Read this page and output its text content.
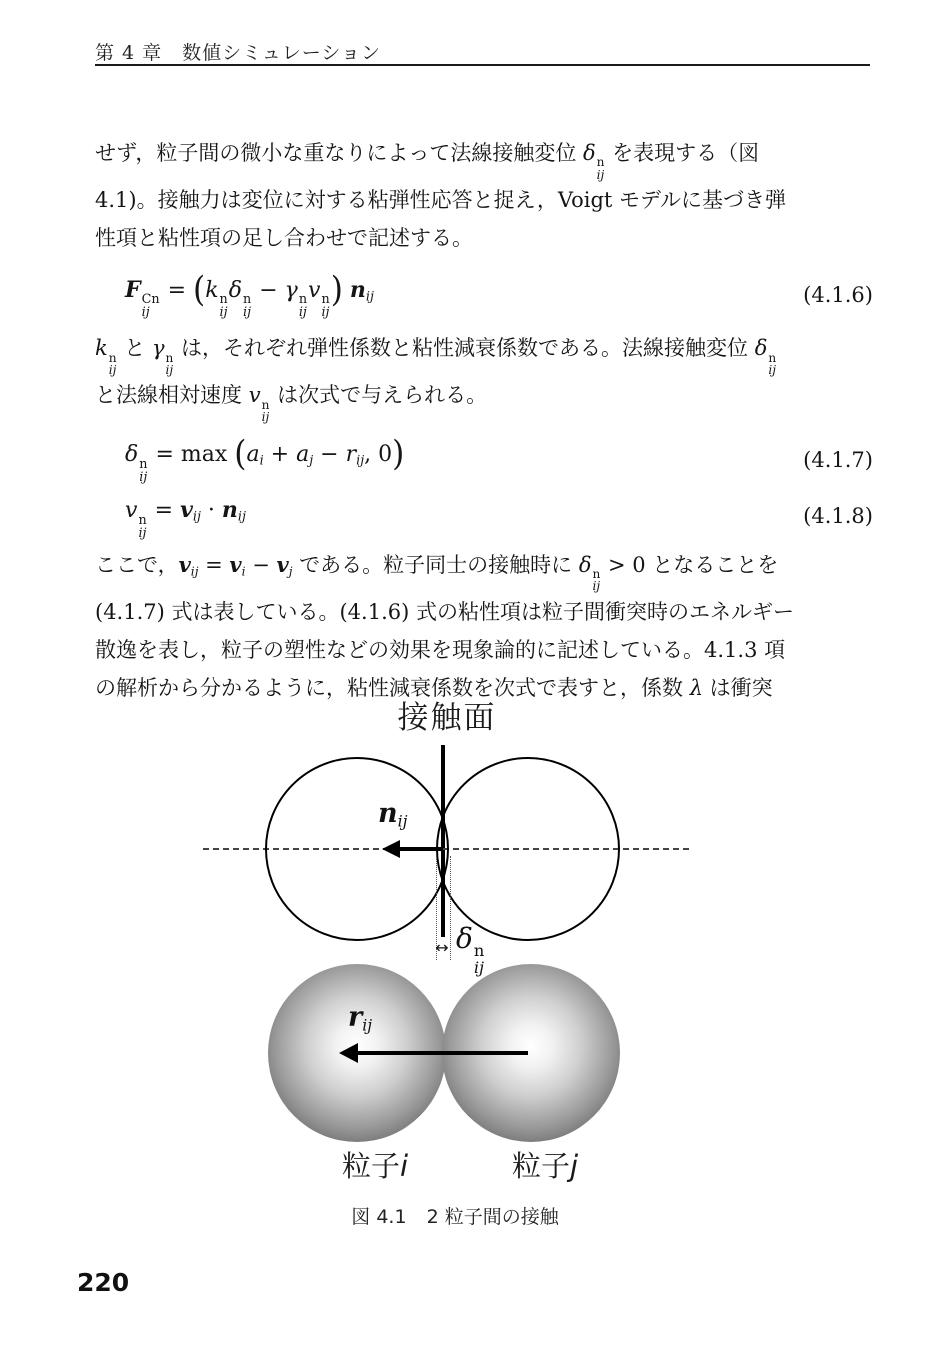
第 4 章　数値シミュレーション
せず，粒子間の微小な重なりによって法線接触変位 δ n
ij
を表現する（図
4.1)。接触力は変位に対する粘弾性応答と捉え，Voigt モデルに基づき弾
性項と粘性項の足し合わせで記述する。
F Cn
ij
= (k n
ij
δ n
ij
− γ n
ij
v n
ij
) nij	(4.1.6)
k n
ij
と γ n
ij
は，それぞれ弾性係数と粘性減衰係数である。法線接触変位 δ n
ij
と法線相対速度 v n
ij
は次式で与えられる。
δ n
ij
= max (ai + aj − rij, 0)	(4.1.7)
v n
ij
= vij · nij	(4.1.8)
ここで，vij = vi − vj である。粒子同士の接触時に δ n
ij
> 0 となることを
(4.1.7) 式は表している。(4.1.6) 式の粘性項は粒子間衝突時のエネルギー
散逸を表し，粒子の塑性などの効果を現象論的に記述している。4.1.3 項
の解析から分かるように，粘性減衰係数を次式で表すと，係数 λ は衝突
接触面
nij
↔ δ n
ij
rij
粒子i	粒子j
図 4.1 2 粒子間の接触
220
